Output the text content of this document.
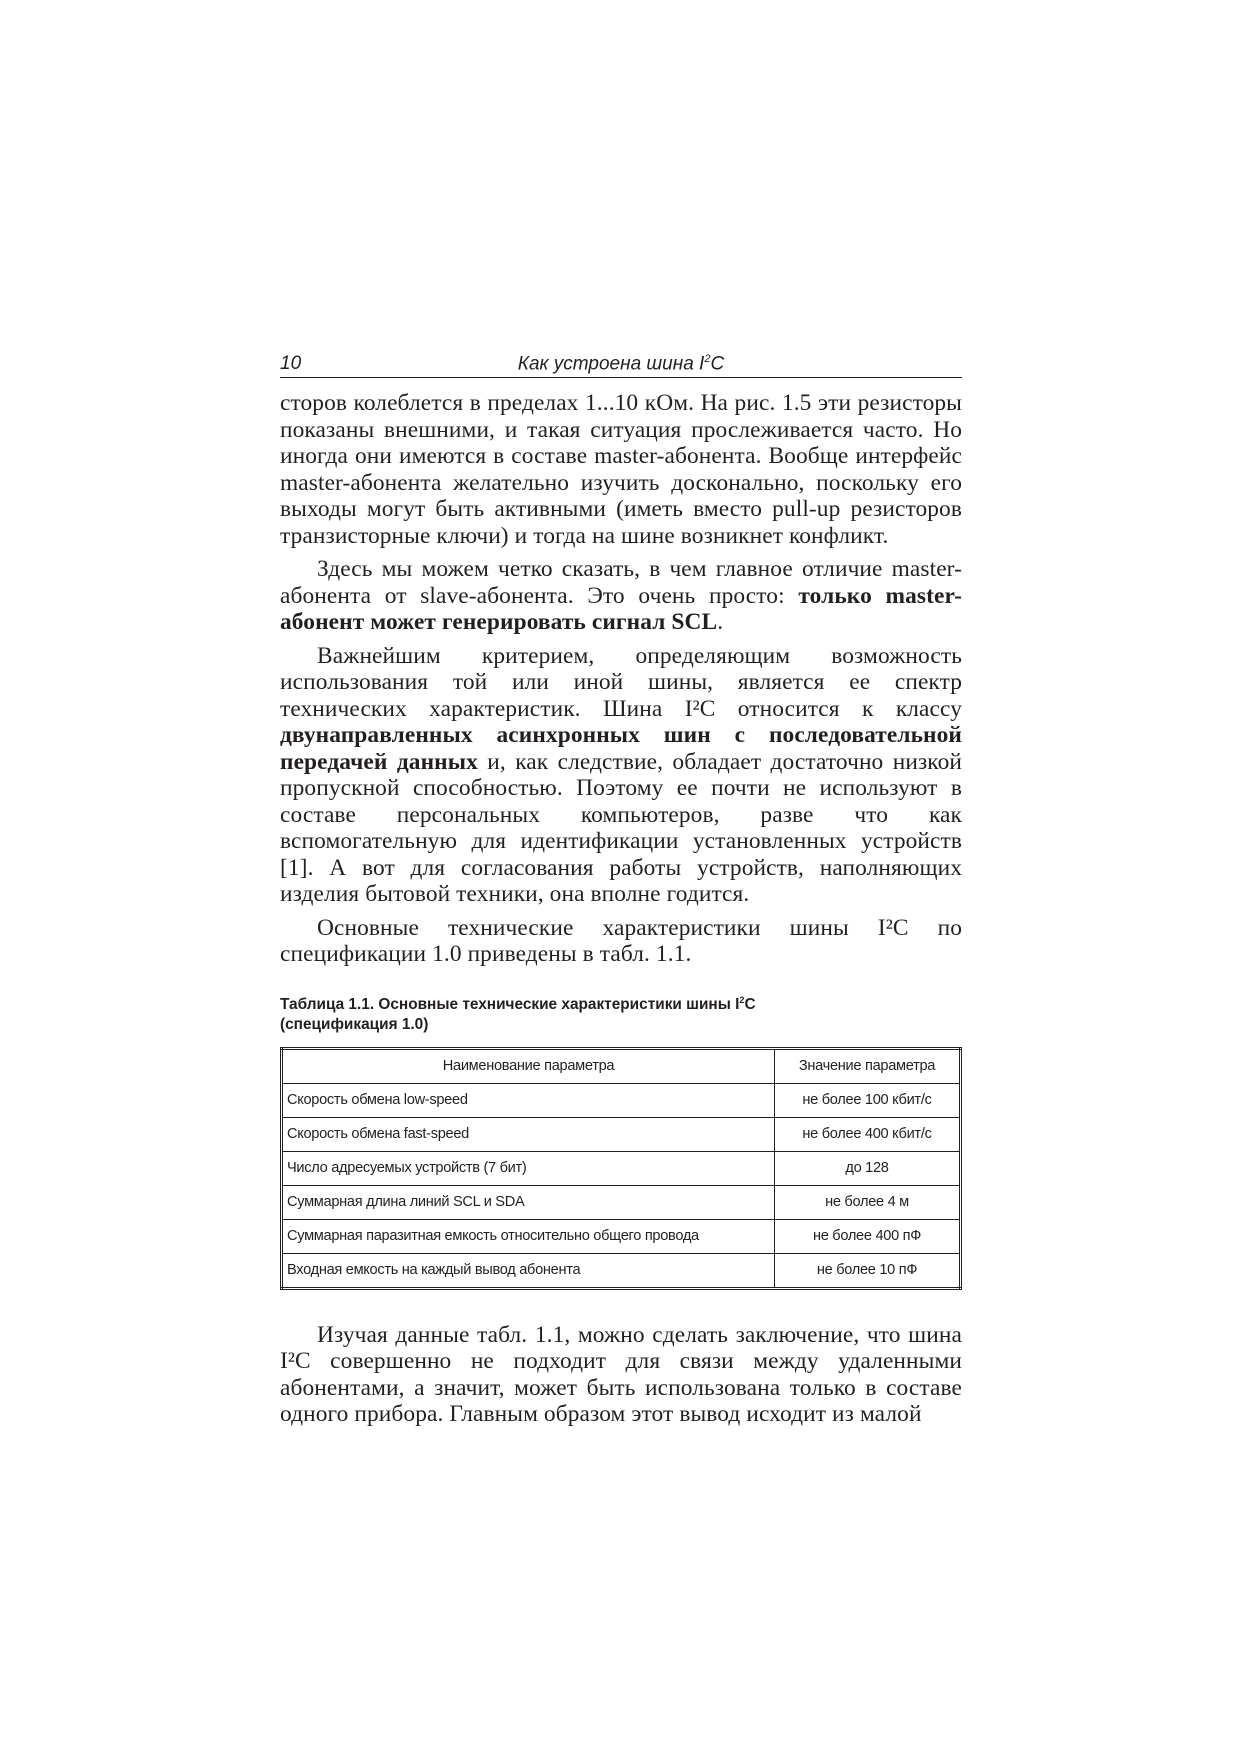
10	Как устроена шина $I^2C$

сторов колеблется в пределах 1...10 кОм. На рис. 1.5 эти резисторы показаны внешними, и такая ситуация прослеживается часто. Но иногда они имеются в составе master-абонента. Вообще интерфейс master-абонента желательно изучить досконально, поскольку его выходы могут быть активными (иметь вместо pull-up резисторов транзисторные ключи) и тогда на шине возникнет конфликт.

Здесь мы можем четко сказать, в чем главное отличие master-абонента от slave-абонента. Это очень просто: только master-абонент может генерировать сигнал SCL.

Важнейшим критерием, определяющим возможность использования той или иной шины, является ее спектр технических характеристик. Шина I²C относится к классу двунаправленных асинхронных шин с последовательной передачей данных и, как следствие, обладает достаточно низкой пропускной способностью. Поэтому ее почти не используют в составе персональных компьютеров, разве что как вспомогательную для идентификации установленных устройств [1]. А вот для согласования работы устройств, наполняющих изделия бытовой техники, она вполне годится.

Основные технические характеристики шины I²C по спецификации 1.0 приведены в табл. 1.1.

Таблица 1.1. Основные технические характеристики шины $I^2C$
(спецификация 1.0)
Наименование параметра	Значение параметра
Скорость обмена low-speed	не более 100 кбит/с
Скорость обмена fast-speed	не более 400 кбит/с
Число адресуемых устройств (7 бит)	до 128
Суммарная длина линий SCL и SDA	не более 4 м
Суммарная паразитная емкость относительно общего провода	не более 400 пФ
Входная емкость на каждый вывод абонента	не более 10 пФ

Изучая данные табл. 1.1, можно сделать заключение, что шина I²C совершенно не подходит для связи между удаленными абонентами, а значит, может быть использована только в составе одного прибора. Главным образом этот вывод исходит из малой
